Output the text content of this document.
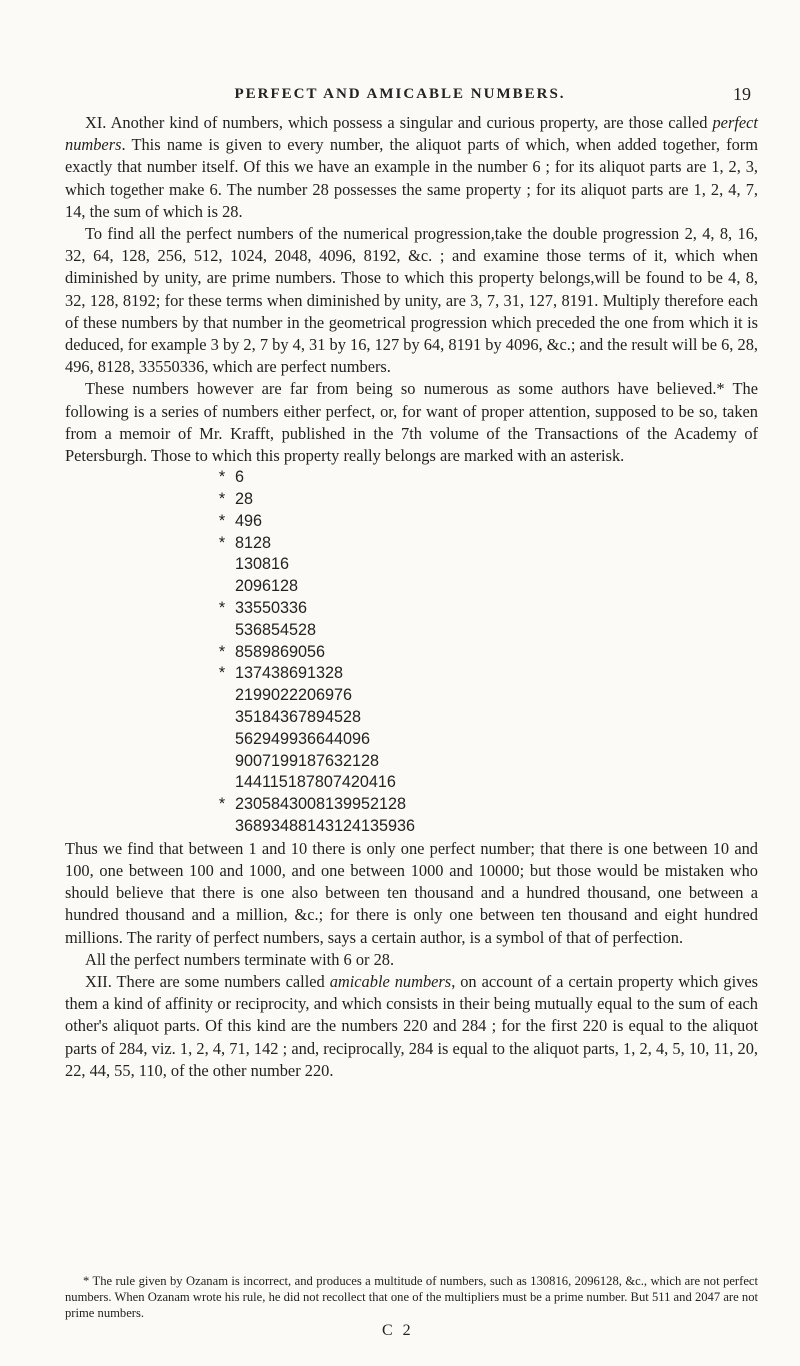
PERFECT AND AMICABLE NUMBERS.	19

XI. Another kind of numbers, which possess a singular and curious property, are those called perfect numbers. This name is given to every number, the aliquot parts of which, when added together, form exactly that number itself. Of this we have an example in the number 6 ; for its aliquot parts are 1, 2, 3, which together make 6. The number 28 possesses the same property ; for its aliquot parts are 1, 2, 4, 7, 14, the sum of which is 28.

To find all the perfect numbers of the numerical progression,take the double progression 2, 4, 8, 16, 32, 64, 128, 256, 512, 1024, 2048, 4096, 8192, &c. ; and examine those terms of it, which when diminished by unity, are prime numbers. Those to which this property belongs,will be found to be 4, 8, 32, 128, 8192; for these terms when diminished by unity, are 3, 7, 31, 127, 8191. Multiply therefore each of these numbers by that number in the geometrical progression which preceded the one from which it is deduced, for example 3 by 2, 7 by 4, 31 by 16, 127 by 64, 8191 by 4096, &c.; and the result will be 6, 28, 496, 8128, 33550336, which are perfect numbers.

These numbers however are far from being so numerous as some authors have believed.* The following is a series of numbers either perfect, or, for want of proper attention, supposed to be so, taken from a memoir of Mr. Krafft, published in the 7th volume of the Transactions of the Academy of Petersburgh. Those to which this property really belongs are marked with an asterisk.

* 6
* 28
* 496
* 8128
130816
2096128
* 33550336
536854528
* 8589869056
* 137438691328
2199022206976
35184367894528
562949936644096
9007199187632128
144115187807420416
* 2305843008139952128
36893488143124135936

Thus we find that between 1 and 10 there is only one perfect number; that there is one between 10 and 100, one between 100 and 1000, and one between 1000 and 10000; but those would be mistaken who should believe that there is one also between ten thousand and a hundred thousand, one between a hundred thousand and a million, &c.; for there is only one between ten thousand and eight hundred millions. The rarity of perfect numbers, says a certain author, is a symbol of that of perfection.

All the perfect numbers terminate with 6 or 28.

XII. There are some numbers called amicable numbers, on account of a certain property which gives them a kind of affinity or reciprocity, and which consists in their being mutually equal to the sum of each other's aliquot parts. Of this kind are the numbers 220 and 284 ; for the first 220 is equal to the aliquot parts of 284, viz. 1, 2, 4, 71, 142 ; and, reciprocally, 284 is equal to the aliquot parts, 1, 2, 4, 5, 10, 11, 20, 22, 44, 55, 110, of the other number 220.

* The rule given by Ozanam is incorrect, and produces a multitude of numbers, such as 130816, 2096128, &c., which are not perfect numbers. When Ozanam wrote his rule, he did not recollect that one of the multipliers must be a prime number. But 511 and 2047 are not prime numbers.
C 2
